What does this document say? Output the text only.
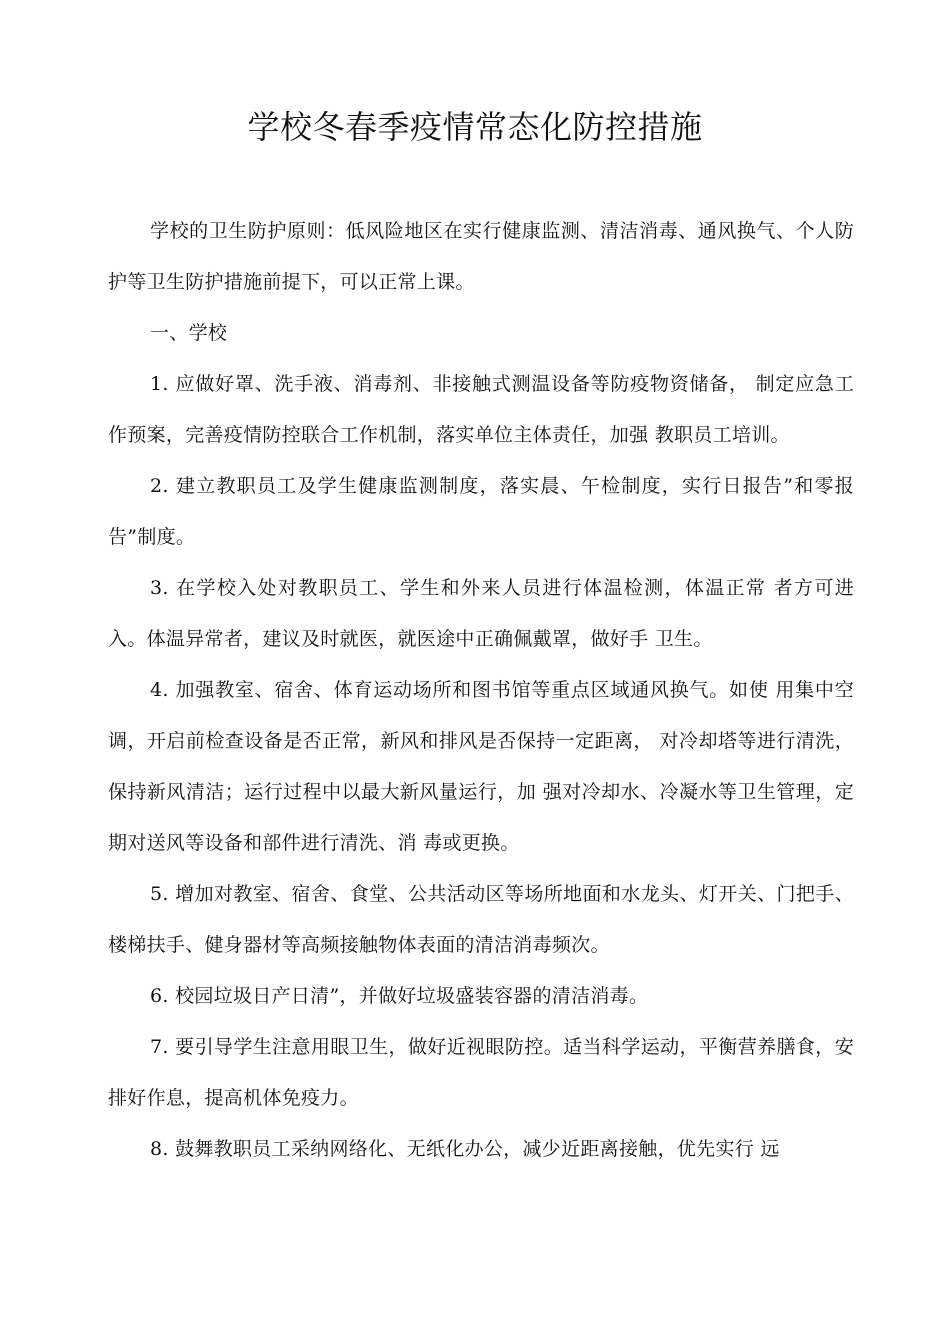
学校冬春季疫情常态化防控措施

学校的卫生防护原则：低风险地区在实行健康监测、清洁消毒、通风换气、个人防护等卫生防护措施前提下，可以正常上课。

一、学校

1. 应做好罩、洗手液、消毒剂、非接触式测温设备等防疫物资储备， 制定应急工作预案，完善疫情防控联合工作机制，落实单位主体责任，加强 教职员工培训。

2. 建立教职员工及学生健康监测制度，落实晨、午检制度，实行日报告”和零报告”制度。

3. 在学校入处对教职员工、学生和外来人员进行体温检测，体温正常 者方可进入。体温异常者，建议及时就医，就医途中正确佩戴罩，做好手 卫生。

4. 加强教室、宿舍、体育运动场所和图书馆等重点区域通风换气。如使 用集中空调，开启前检查设备是否正常，新风和排风是否保持一定距离， 对冷却塔等进行清洗，保持新风清洁；运行过程中以最大新风量运行，加 强对冷却水、冷凝水等卫生管理，定期对送风等设备和部件进行清洗、消 毒或更换。

5. 增加对教室、宿舍、食堂、公共活动区等场所地面和水龙头、灯开关、门把手、楼梯扶手、健身器材等高频接触物体表面的清洁消毒频次。

6. 校园垃圾日产日清”，并做好垃圾盛装容器的清洁消毒。

7. 要引导学生注意用眼卫生，做好近视眼防控。适当科学运动，平衡营养膳食，安排好作息，提高机体免疫力。

8. 鼓舞教职员工采纳网络化、无纸化办公，减少近距离接触，优先实行 远
